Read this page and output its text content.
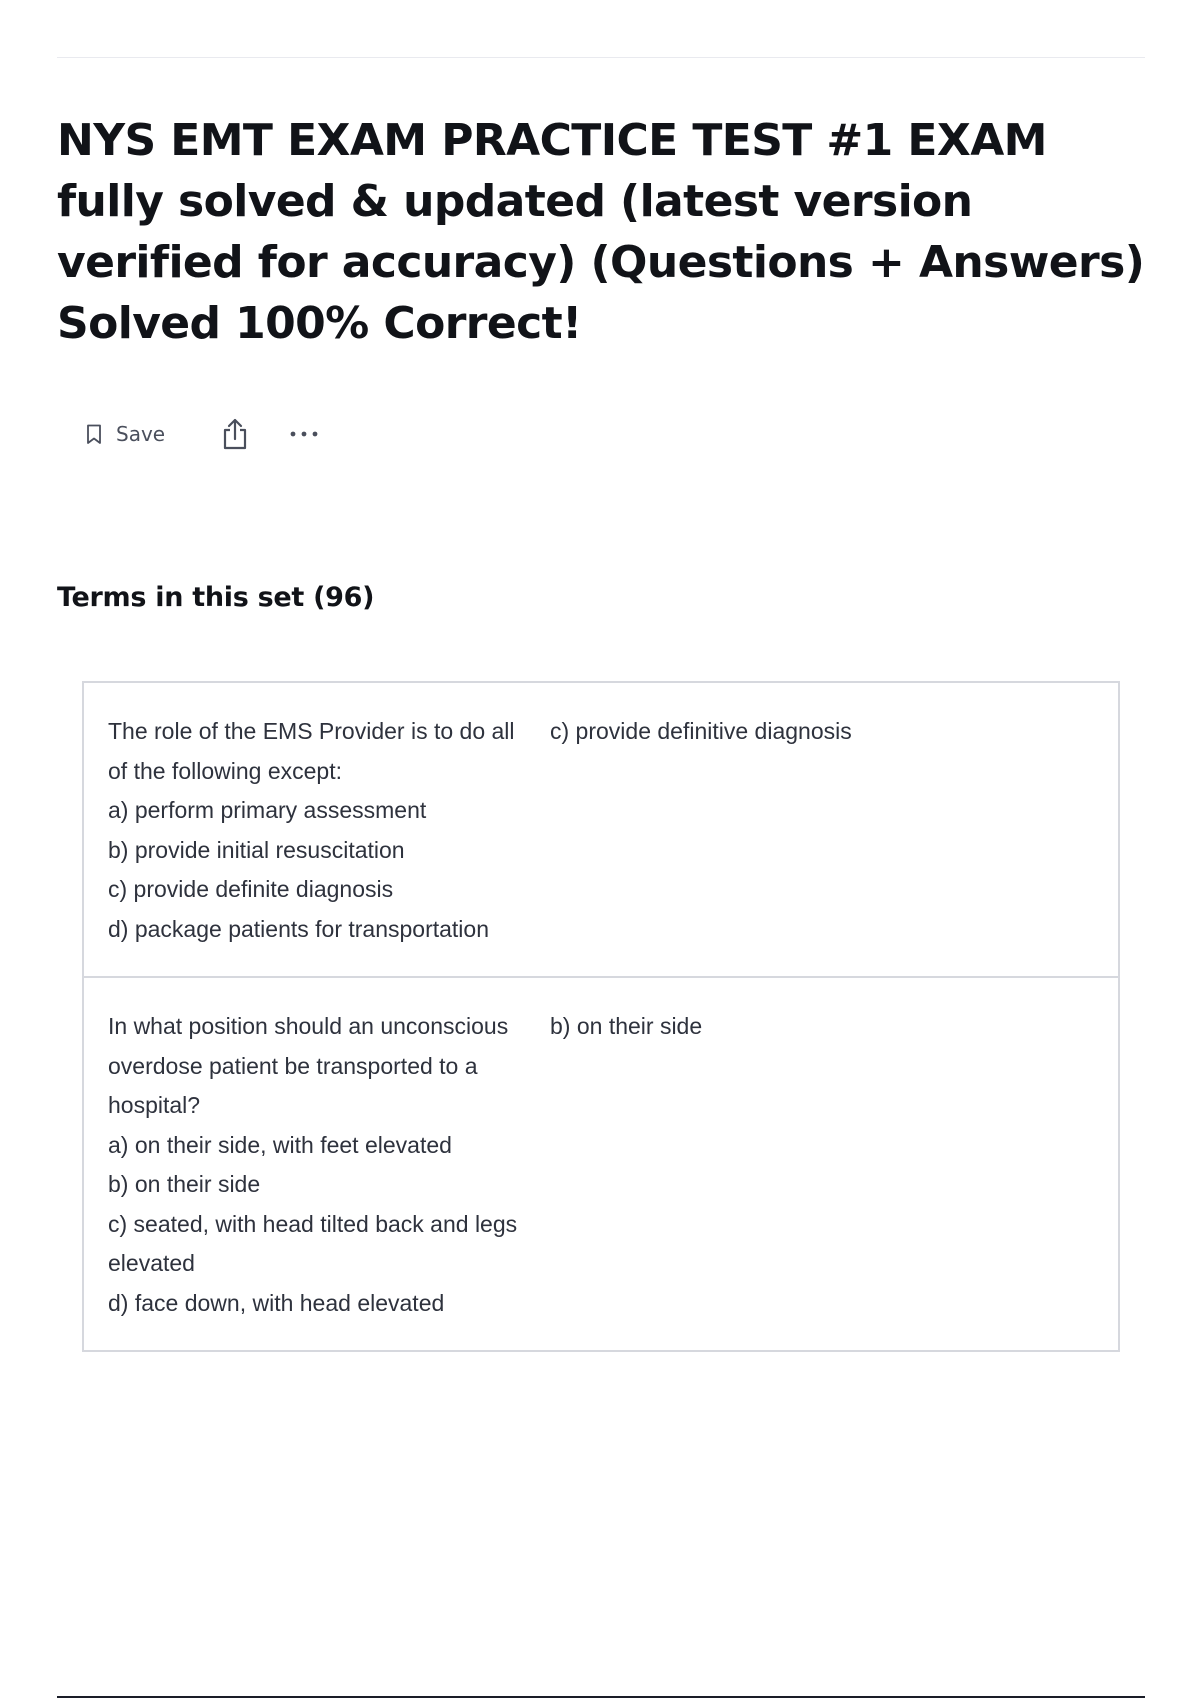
NYS EMT EXAM PRACTICE TEST #1 EXAM fully solved & updated (latest version verified for accuracy) (Questions + Answers) Solved 100% Correct!
Save
Terms in this set (96)
The role of the EMS Provider is to do all of the following except:
a) perform primary assessment
b) provide initial resuscitation
c) provide definite diagnosis
d) package patients for transportation
c) provide definitive diagnosis
In what position should an unconscious overdose patient be transported to a hospital?
a) on their side, with feet elevated
b) on their side
c) seated, with head tilted back and legs elevated
d) face down, with head elevated
b) on their side
